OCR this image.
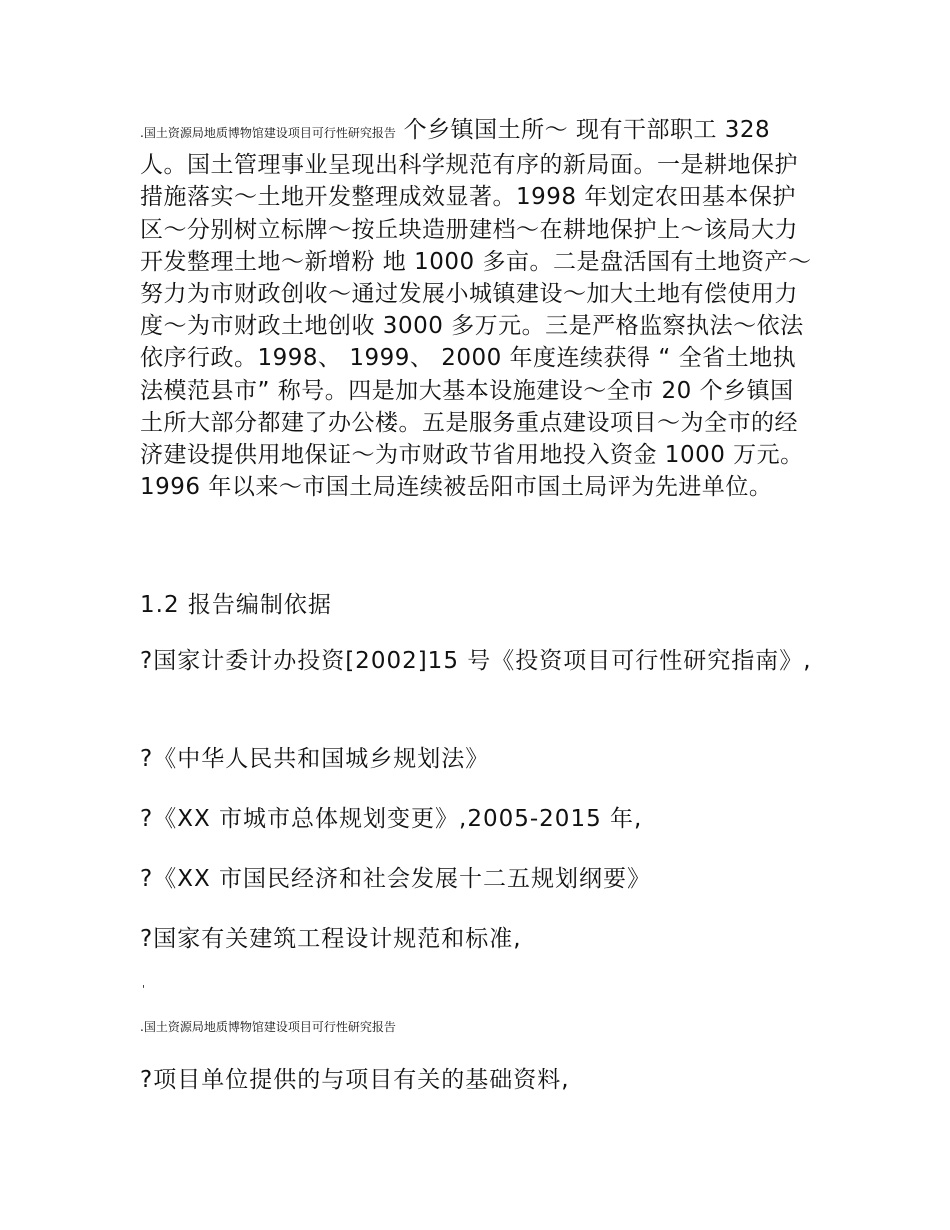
.国土资源局地质博物馆建设项目可行性研究报告 个乡镇国土所～ 现有干部职工 328 人。国土管理事业呈现出科学规范有序的新局面。一是耕地保护措施落实～土地开发整理成效显著。1998 年划定农田基本保护区～分别树立标牌～按丘块造册建档～在耕地保护上～该局大力开发整理土地～新增粉 地 1000 多亩。二是盘活国有土地资产～努力为市财政创收～通过发展小城镇建设～加大土地有偿使用力度～为市财政土地创收 3000 多万元。三是严格监察执法～依法依序行政。1998、 1999、 2000 年度连续获得 “ 全省土地执法模范县市” 称号。四是加大基本设施建设～全市 20 个乡镇国土所大部分都建了办公楼。五是服务重点建设项目～为全市的经济建设提供用地保证～为市财政节省用地投入资金 1000 万元。1996 年以来～市国土局连续被岳阳市国土局评为先进单位。

1.2 报告编制依据

?国家计委计办投资[2002]15 号《投资项目可行性研究指南》,

?《中华人民共和国城乡规划法》

?《XX 市城市总体规划变更》,2005-2015 年,

?《XX 市国民经济和社会发展十二五规划纲要》

?国家有关建筑工程设计规范和标准,

'

.国土资源局地质博物馆建设项目可行性研究报告

?项目单位提供的与项目有关的基础资料,
